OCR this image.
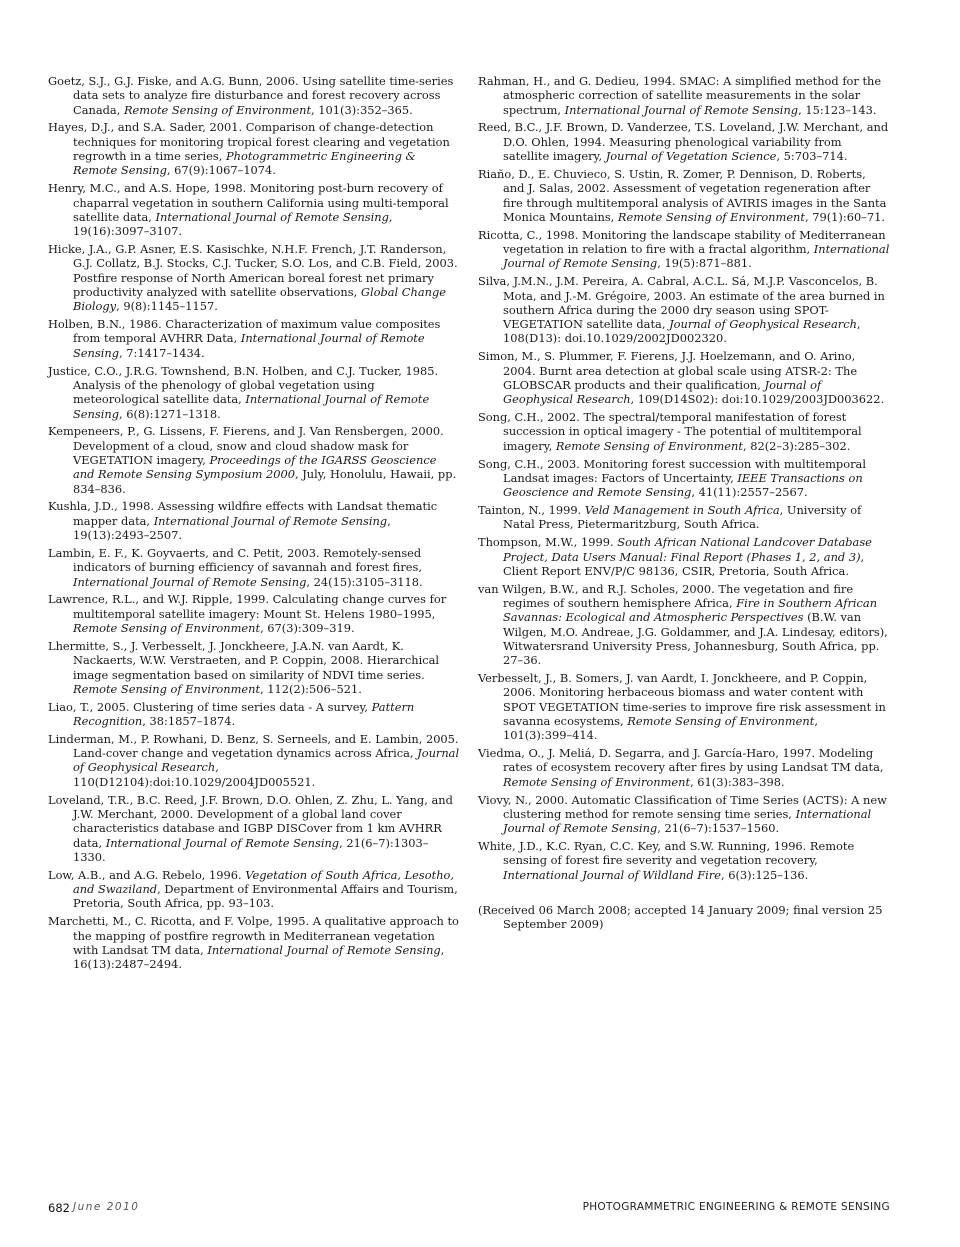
Goetz, S.J., G.J. Fiske, and A.G. Bunn, 2006. Using satellite time-series data sets to analyze fire disturbance and forest recovery across Canada, Remote Sensing of Environment, 101(3):352–365.

Hayes, D.J., and S.A. Sader, 2001. Comparison of change-detection techniques for monitoring tropical forest clearing and vegetation regrowth in a time series, Photogrammetric Engineering & Remote Sensing, 67(9):1067–1074.

Henry, M.C., and A.S. Hope, 1998. Monitoring post-burn recovery of chaparral vegetation in southern California using multi-temporal satellite data, International Journal of Remote Sensing, 19(16):3097–3107.

Hicke, J.A., G.P. Asner, E.S. Kasischke, N.H.F. French, J.T. Randerson, G.J. Collatz, B.J. Stocks, C.J. Tucker, S.O. Los, and C.B. Field, 2003. Postfire response of North American boreal forest net primary productivity analyzed with satellite observations, Global Change Biology, 9(8):1145–1157.

Holben, B.N., 1986. Characterization of maximum value composites from temporal AVHRR Data, International Journal of Remote Sensing, 7:1417–1434.

Justice, C.O., J.R.G. Townshend, B.N. Holben, and C.J. Tucker, 1985. Analysis of the phenology of global vegetation using meteorological satellite data, International Journal of Remote Sensing, 6(8):1271–1318.

Kempeneers, P., G. Lissens, F. Fierens, and J. Van Rensbergen, 2000. Development of a cloud, snow and cloud shadow mask for VEGETATION imagery, Proceedings of the IGARSS Geoscience and Remote Sensing Symposium 2000, July, Honolulu, Hawaii, pp. 834–836.

Kushla, J.D., 1998. Assessing wildfire effects with Landsat thematic mapper data, International Journal of Remote Sensing, 19(13):2493–2507.

Lambin, E. F., K. Goyvaerts, and C. Petit, 2003. Remotely-sensed indicators of burning efficiency of savannah and forest fires, International Journal of Remote Sensing, 24(15):3105–3118.

Lawrence, R.L., and W.J. Ripple, 1999. Calculating change curves for multitemporal satellite imagery: Mount St. Helens 1980–1995, Remote Sensing of Environment, 67(3):309–319.

Lhermitte, S., J. Verbesselt, J. Jonckheere, J.A.N. van Aardt, K. Nackaerts, W.W. Verstraeten, and P. Coppin, 2008. Hierarchical image segmentation based on similarity of NDVI time series. Remote Sensing of Environment, 112(2):506–521.

Liao, T., 2005. Clustering of time series data - A survey, Pattern Recognition, 38:1857–1874.

Linderman, M., P. Rowhani, D. Benz, S. Serneels, and E. Lambin, 2005. Land-cover change and vegetation dynamics across Africa, Journal of Geophysical Research, 110(D12104):doi:10.1029/2004JD005521.

Loveland, T.R., B.C. Reed, J.F. Brown, D.O. Ohlen, Z. Zhu, L. Yang, and J.W. Merchant, 2000. Development of a global land cover characteristics database and IGBP DISCover from 1 km AVHRR data, International Journal of Remote Sensing, 21(6–7):1303–1330.

Low, A.B., and A.G. Rebelo, 1996. Vegetation of South Africa, Lesotho, and Swaziland, Department of Environmental Affairs and Tourism, Pretoria, South Africa, pp. 93–103.

Marchetti, M., C. Ricotta, and F. Volpe, 1995. A qualitative approach to the mapping of postfire regrowth in Mediterranean vegetation with Landsat TM data, International Journal of Remote Sensing, 16(13):2487–2494.

Rahman, H., and G. Dedieu, 1994. SMAC: A simplified method for the atmospheric correction of satellite measurements in the solar spectrum, International Journal of Remote Sensing, 15:123–143.

Reed, B.C., J.F. Brown, D. Vanderzee, T.S. Loveland, J.W. Merchant, and D.O. Ohlen, 1994. Measuring phenological variability from satellite imagery, Journal of Vegetation Science, 5:703–714.

Riaño, D., E. Chuvieco, S. Ustin, R. Zomer, P. Dennison, D. Roberts, and J. Salas, 2002. Assessment of vegetation regeneration after fire through multitemporal analysis of AVIRIS images in the Santa Monica Mountains, Remote Sensing of Environment, 79(1):60–71.

Ricotta, C., 1998. Monitoring the landscape stability of Mediterranean vegetation in relation to fire with a fractal algorithm, International Journal of Remote Sensing, 19(5):871–881.

Silva, J.M.N., J.M. Pereira, A. Cabral, A.C.L. Sá, M.J.P. Vasconcelos, B. Mota, and J.-M. Grégoire, 2003. An estimate of the area burned in southern Africa during the 2000 dry season using SPOT- VEGETATION satellite data, Journal of Geophysical Research, 108(D13): doi.10.1029/2002JD002320.

Simon, M., S. Plummer, F. Fierens, J.J. Hoelzemann, and O. Arino, 2004. Burnt area detection at global scale using ATSR-2: The GLOBSCAR products and their qualification, Journal of Geophysical Research, 109(D14S02): doi:10.1029/2003JD003622.

Song, C.H., 2002. The spectral/temporal manifestation of forest succession in optical imagery - The potential of multitemporal imagery, Remote Sensing of Environment, 82(2–3):285–302.

Song, C.H., 2003. Monitoring forest succession with multitemporal Landsat images: Factors of Uncertainty, IEEE Transactions on Geoscience and Remote Sensing, 41(11):2557–2567.

Tainton, N., 1999. Veld Management in South Africa, University of Natal Press, Pietermaritzburg, South Africa.

Thompson, M.W., 1999. South African National Landcover Database Project, Data Users Manual: Final Report (Phases 1, 2, and 3), Client Report ENV/P/C 98136, CSIR, Pretoria, South Africa.

van Wilgen, B.W., and R.J. Scholes, 2000. The vegetation and fire regimes of southern hemisphere Africa, Fire in Southern African Savannas: Ecological and Atmospheric Perspectives (B.W. van Wilgen, M.O. Andreae, J.G. Goldammer, and J.A. Lindesay, editors), Witwatersrand University Press, Johannesburg, South Africa, pp. 27–36.

Verbesselt, J., B. Somers, J. van Aardt, I. Jonckheere, and P. Coppin, 2006. Monitoring herbaceous biomass and water content with SPOT VEGETATION time-series to improve fire risk assessment in savanna ecosystems, Remote Sensing of Environment, 101(3):399–414.

Viedma, O., J. Meliá, D. Segarra, and J. García-Haro, 1997. Modeling rates of ecosystem recovery after fires by using Landsat TM data, Remote Sensing of Environment, 61(3):383–398.

Viovy, N., 2000. Automatic Classification of Time Series (ACTS): A new clustering method for remote sensing time series, International Journal of Remote Sensing, 21(6–7):1537–1560.

White, J.D., K.C. Ryan, C.C. Key, and S.W. Running, 1996. Remote sensing of forest fire severity and vegetation recovery, International Journal of Wildland Fire, 6(3):125–136.

(Received 06 March 2008; accepted 14 January 2009; final version 25 September 2009)

682 June 2010	PHOTOGRAMMETRIC ENGINEERING & REMOTE SENSING
